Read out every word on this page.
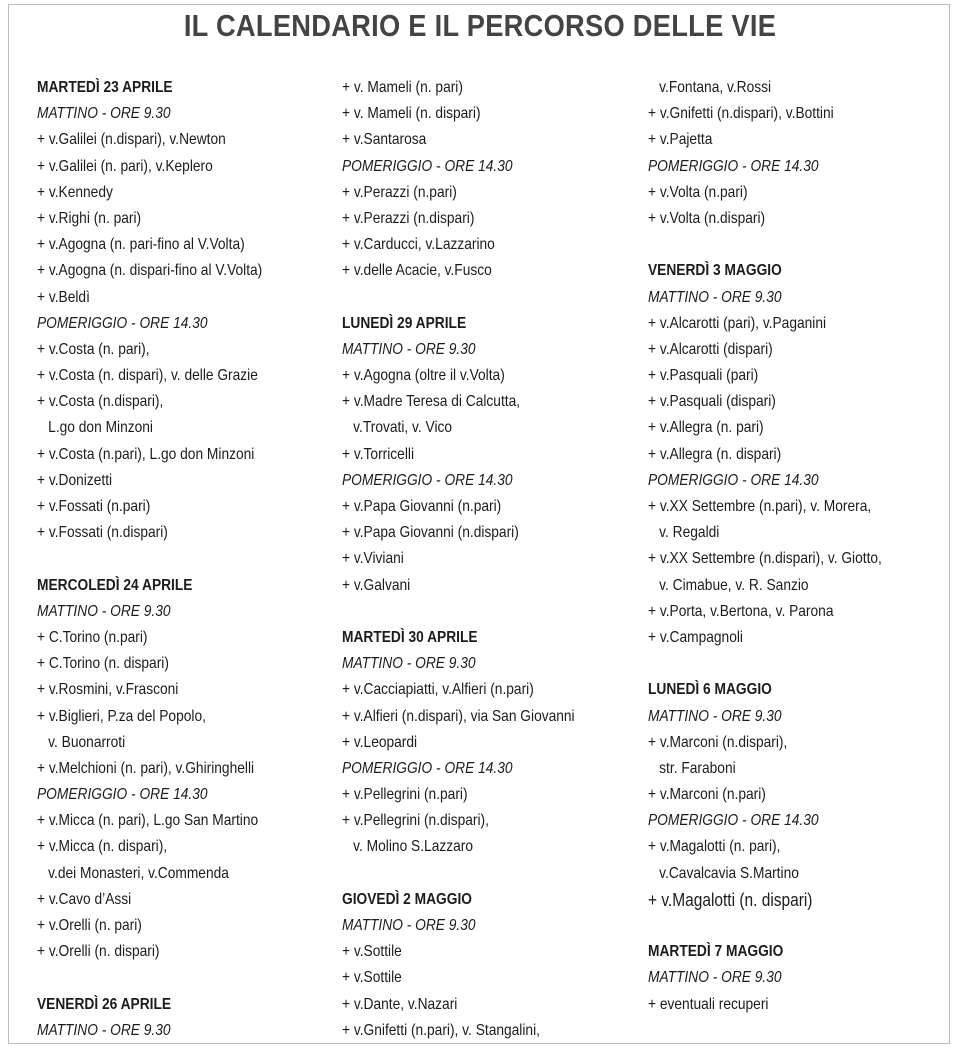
IL CALENDARIO E IL PERCORSO DELLE VIE
MARTEDÌ 23 APRILE
MATTINO - ORE 9.30
+ v.Galilei (n.dispari), v.Newton
+ v.Galilei (n. pari), v.Keplero
+ v.Kennedy
+ v.Righi (n. pari)
+ v.Agogna (n. pari-fino al V.Volta)
+ v.Agogna (n. dispari-fino al V.Volta)
+ v.Beldì
POMERIGGIO - ORE 14.30
+ v.Costa (n. pari),
+ v.Costa (n. dispari), v. delle Grazie
+ v.Costa (n.dispari),
L.go don Minzoni
+ v.Costa (n.pari), L.go don Minzoni
+ v.Donizetti
+ v.Fossati (n.pari)
+ v.Fossati (n.dispari)
MERCOLEDÌ 24 APRILE
MATTINO - ORE 9.30
+ C.Torino (n.pari)
+ C.Torino (n. dispari)
+ v.Rosmini, v.Frasconi
+ v.Biglieri, P.za del Popolo,
v. Buonarroti
+ v.Melchioni (n. pari), v.Ghiringhelli
POMERIGGIO - ORE 14.30
+ v.Micca (n. pari), L.go San Martino
+ v.Micca (n. dispari),
v.dei Monasteri, v.Commenda
+ v.Cavo d’Assi
+ v.Orelli (n. pari)
+ v.Orelli (n. dispari)
VENERDÌ 26 APRILE
MATTINO - ORE 9.30
+ v. Mameli (n. pari)
+ v. Mameli (n. dispari)
+ v.Santarosa
POMERIGGIO - ORE 14.30
+ v.Perazzi (n.pari)
+ v.Perazzi (n.dispari)
+ v.Carducci, v.Lazzarino
+ v.delle Acacie, v.Fusco
LUNEDÌ 29 APRILE
MATTINO - ORE 9.30
+ v.Agogna (oltre il v.Volta)
+ v.Madre Teresa di Calcutta,
v.Trovati, v. Vico
+ v.Torricelli
POMERIGGIO - ORE 14.30
+ v.Papa Giovanni (n.pari)
+ v.Papa Giovanni (n.dispari)
+ v.Viviani
+ v.Galvani
MARTEDÌ 30 APRILE
MATTINO - ORE 9.30
+ v.Cacciapiatti, v.Alfieri (n.pari)
+ v.Alfieri (n.dispari), via San Giovanni
+ v.Leopardi
POMERIGGIO - ORE 14.30
+ v.Pellegrini (n.pari)
+ v.Pellegrini (n.dispari),
v. Molino S.Lazzaro
GIOVEDÌ 2 MAGGIO
MATTINO - ORE 9.30
+ v.Sottile
+ v.Sottile
+ v.Dante, v.Nazari
+ v.Gnifetti (n.pari), v. Stangalini,
v.Fontana, v.Rossi
+ v.Gnifetti (n.dispari), v.Bottini
+ v.Pajetta
POMERIGGIO - ORE 14.30
+ v.Volta (n.pari)
+ v.Volta (n.dispari)
VENERDÌ 3 MAGGIO
MATTINO - ORE 9.30
+ v.Alcarotti (pari), v.Paganini
+ v.Alcarotti (dispari)
+ v.Pasquali (pari)
+ v.Pasquali (dispari)
+ v.Allegra (n. pari)
+ v.Allegra (n. dispari)
POMERIGGIO - ORE 14.30
+ v.XX Settembre (n.pari), v. Morera,
v. Regaldi
+ v.XX Settembre (n.dispari), v. Giotto,
v. Cimabue, v. R. Sanzio
+ v.Porta, v.Bertona, v. Parona
+ v.Campagnoli
LUNEDÌ 6 MAGGIO
MATTINO - ORE 9.30
+ v.Marconi (n.dispari),
str. Faraboni
+ v.Marconi (n.pari)
POMERIGGIO - ORE 14.30
+ v.Magalotti (n. pari),
v.Cavalcavia S.Martino
+ v.Magalotti (n. dispari)
MARTEDÌ 7 MAGGIO
MATTINO - ORE 9.30
+ eventuali recuperi
